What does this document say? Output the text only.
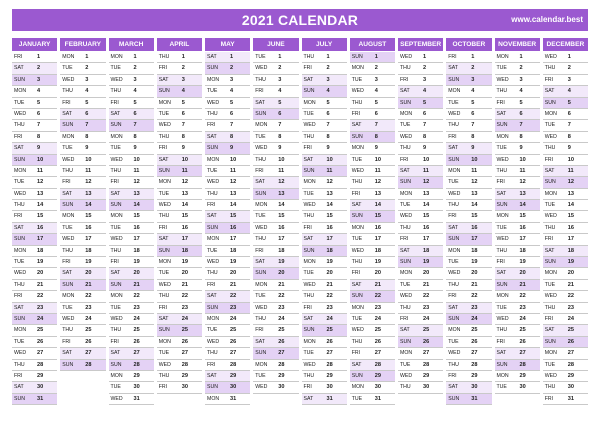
2021 CALENDAR	www.calendar.best
JANUARY
FRI	1
SAT 2
SUN 3
MON 4
TUE 5
WED 6
THU 7
FRI	8
SAT 9
SUN 10
MON 11
TUE 12
WED 13
THU 14
FRI	15
SAT 16
SUN 17
MON 18
TUE 19
WED 20
THU 21
FRI	22
SAT 23
SUN 24
MON 25
TUE 26
WED 27
THU 28
FRI	29
SAT 30
SUN 31
FEBRUARY
MON 1
TUE 2
WED 3
THU 4
FRI	5
SAT 6
SUN 7
MON 8
TUE 9
WED 10
THU 11
FRI	12
SAT 13
SUN 14
MON 15
TUE 16
WED 17
THU 18
FRI	19
SAT 20
SUN 21
MON 22
TUE 23
WED 24
THU 25
FRI	26
SAT 27
SUN 28
MARCH
MON 1
TUE 2
WED 3
THU 4
FRI	5
SAT 6
SUN 7
MON 8
TUE 9
WED 10
THU 11
FRI	12
SAT 13
SUN 14
MON 15
TUE 16
WED 17
THU 18
FRI	19
SAT 20
SUN 21
MON 22
TUE 23
WED 24
THU 25
FRI	26
SAT 27
SUN 28
MON 29
TUE 30
WED 31
APRIL
THU 1
FRI	2
SAT 3
SUN 4
MON 5
TUE 6
WED 7
THU 8
FRI	9
SAT 10
SUN 11
MON 12
TUE 13
WED 14
THU 15
FRI	16
SAT 17
SUN 18
MON 19
TUE 20
WED 21
THU 22
FRI	23
SAT 24
SUN 25
MON 26
TUE 27
WED 28
THU 29
FRI	30
MAY
SAT 1
SUN 2
MON 3
TUE 4
WED 5
THU 6
FRI	7
SAT 8
SUN 9
MON 10
TUE 11
WED 12
THU 13
FRI	14
SAT 15
SUN 16
MON 17
TUE 18
WED 19
THU 20
FRI	21
SAT 22
SUN 23
MON 24
TUE 25
WED 26
THU 27
FRI	28
SAT 29
SUN 30
MON 31
JUNE
TUE 1
WED 2
THU 3
FRI	4
SAT 5
SUN 6
MON 7
TUE 8
WED 9
THU 10
FRI	11
SAT 12
SUN 13
MON 14
TUE 15
WED 16
THU 17
FRI	18
SAT 19
SUN 20
MON 21
TUE 22
WED 23
THU 24
FRI	25
SAT 26
SUN 27
MON 28
TUE 29
WED 30
JULY
THU 1
FRI	2
SAT 3
SUN 4
MON 5
TUE 6
WED 7
THU 8
FRI	9
SAT 10
SUN 11
MON 12
TUE 13
WED 14
THU 15
FRI	16
SAT 17
SUN 18
MON 19
TUE 20
WED 21
THU 22
FRI	23
SAT 24
SUN 25
MON 26
TUE 27
WED 28
THU 29
FRI	30
SAT 31
AUGUST
SUN 1
MON 2
TUE 3
WED 4
THU 5
FRI	6
SAT 7
SUN 8
MON 9
TUE 10
WED 11
THU 12
FRI	13
SAT 14
SUN 15
MON 16
TUE 17
WED 18
THU 19
FRI	20
SAT 21
SUN 22
MON 23
TUE 24
WED 25
THU 26
FRI	27
SAT 28
SUN 29
MON 30
TUE 31
SEPTEMBER
WED 1
THU 2
FRI	3
SAT 4
SUN 5
MON 6
TUE 7
WED 8
THU 9
FRI	10
SAT 11
SUN 12
MON 13
TUE 14
WED 15
THU 16
FRI	17
SAT 18
SUN 19
MON 20
TUE 21
WED 22
THU 23
FRI	24
SAT 25
SUN 26
MON 27
TUE 28
WED 29
THU 30
OCTOBER
FRI	1
SAT 2
SUN 3
MON 4
TUE 5
WED 6
THU 7
FRI	8
SAT 9
SUN 10
MON 11
TUE 12
WED 13
THU 14
FRI	15
SAT 16
SUN 17
MON 18
TUE 19
WED 20
THU 21
FRI	22
SAT 23
SUN 24
MON 25
TUE 26
WED 27
THU 28
FRI	29
SAT 30
SUN 31
NOVEMBER
MON 1
TUE 2
WED 3
THU 4
FRI	5
SAT 6
SUN 7
MON 8
TUE 9
WED 10
THU 11
FRI	12
SAT 13
SUN 14
MON 15
TUE 16
WED 17
THU 18
FRI	19
SAT 20
SUN 21
MON 22
TUE 23
WED 24
THU 25
FRI	26
SAT 27
SUN 28
MON 29
TUE 30
DECEMBER
WED 1
THU 2
FRI	3
SAT 4
SUN 5
MON 6
TUE 7
WED 8
THU 9
FRI	10
SAT 11
SUN 12
MON 13
TUE 14
WED 15
THU 16
FRI	17
SAT 18
SUN 19
MON 20
TUE 21
WED 22
THU 23
FRI	24
SAT 25
SUN 26
MON 27
TUE 28
WED 29
THU 30
FRI	31
